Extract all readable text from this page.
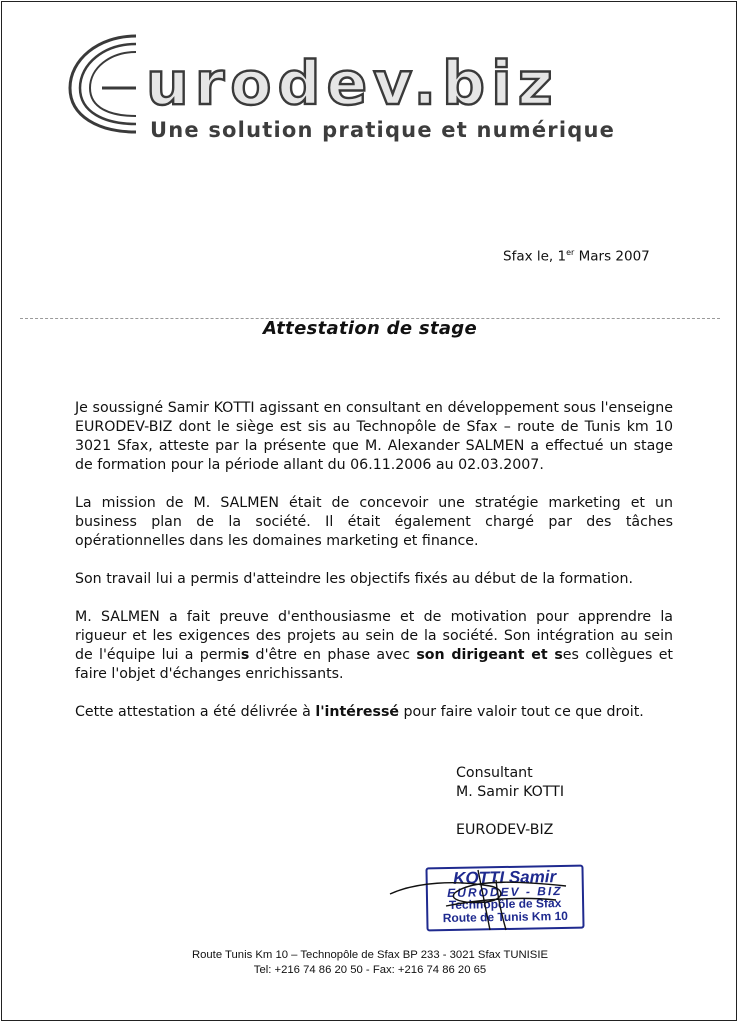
urodev.biz
Une solution pratique et numérique
Sfax le, 1er Mars 2007
Attestation de stage

Je soussigné Samir KOTTI agissant en consultant en développement sous l'enseigne EURODEV-BIZ dont le siège est sis au Technopôle de Sfax – route de Tunis km 10 3021 Sfax, atteste par la présente que M. Alexander SALMEN a effectué un stage de formation pour la période allant du 06.11.2006 au 02.03.2007.

La mission de M. SALMEN était de concevoir une stratégie marketing et un business plan de la société. Il était également chargé par des tâches opérationnelles dans les domaines marketing et finance.

Son travail lui a permis d'atteindre les objectifs fixés au début de la formation.

M. SALMEN a fait preuve d'enthousiasme et de motivation pour apprendre la rigueur et les exigences des projets au sein de la société. Son intégration au sein de l'équipe lui a permis d'être en phase avec son dirigeant et ses collègues et faire l'objet d'échanges enrichissants.

Cette attestation a été délivrée à l'intéressé pour faire valoir tout ce que droit.

Consultant
M. Samir KOTTI
EURODEV-BIZ
KOTTI Samir
EURODEV - BIZ
Technopôle de Sfax
Route de Tunis Km 10
Route Tunis Km 10 – Technopôle de Sfax BP 233 - 3021 Sfax TUNISIE
Tel: +216 74 86 20 50 - Fax: +216 74 86 20 65
